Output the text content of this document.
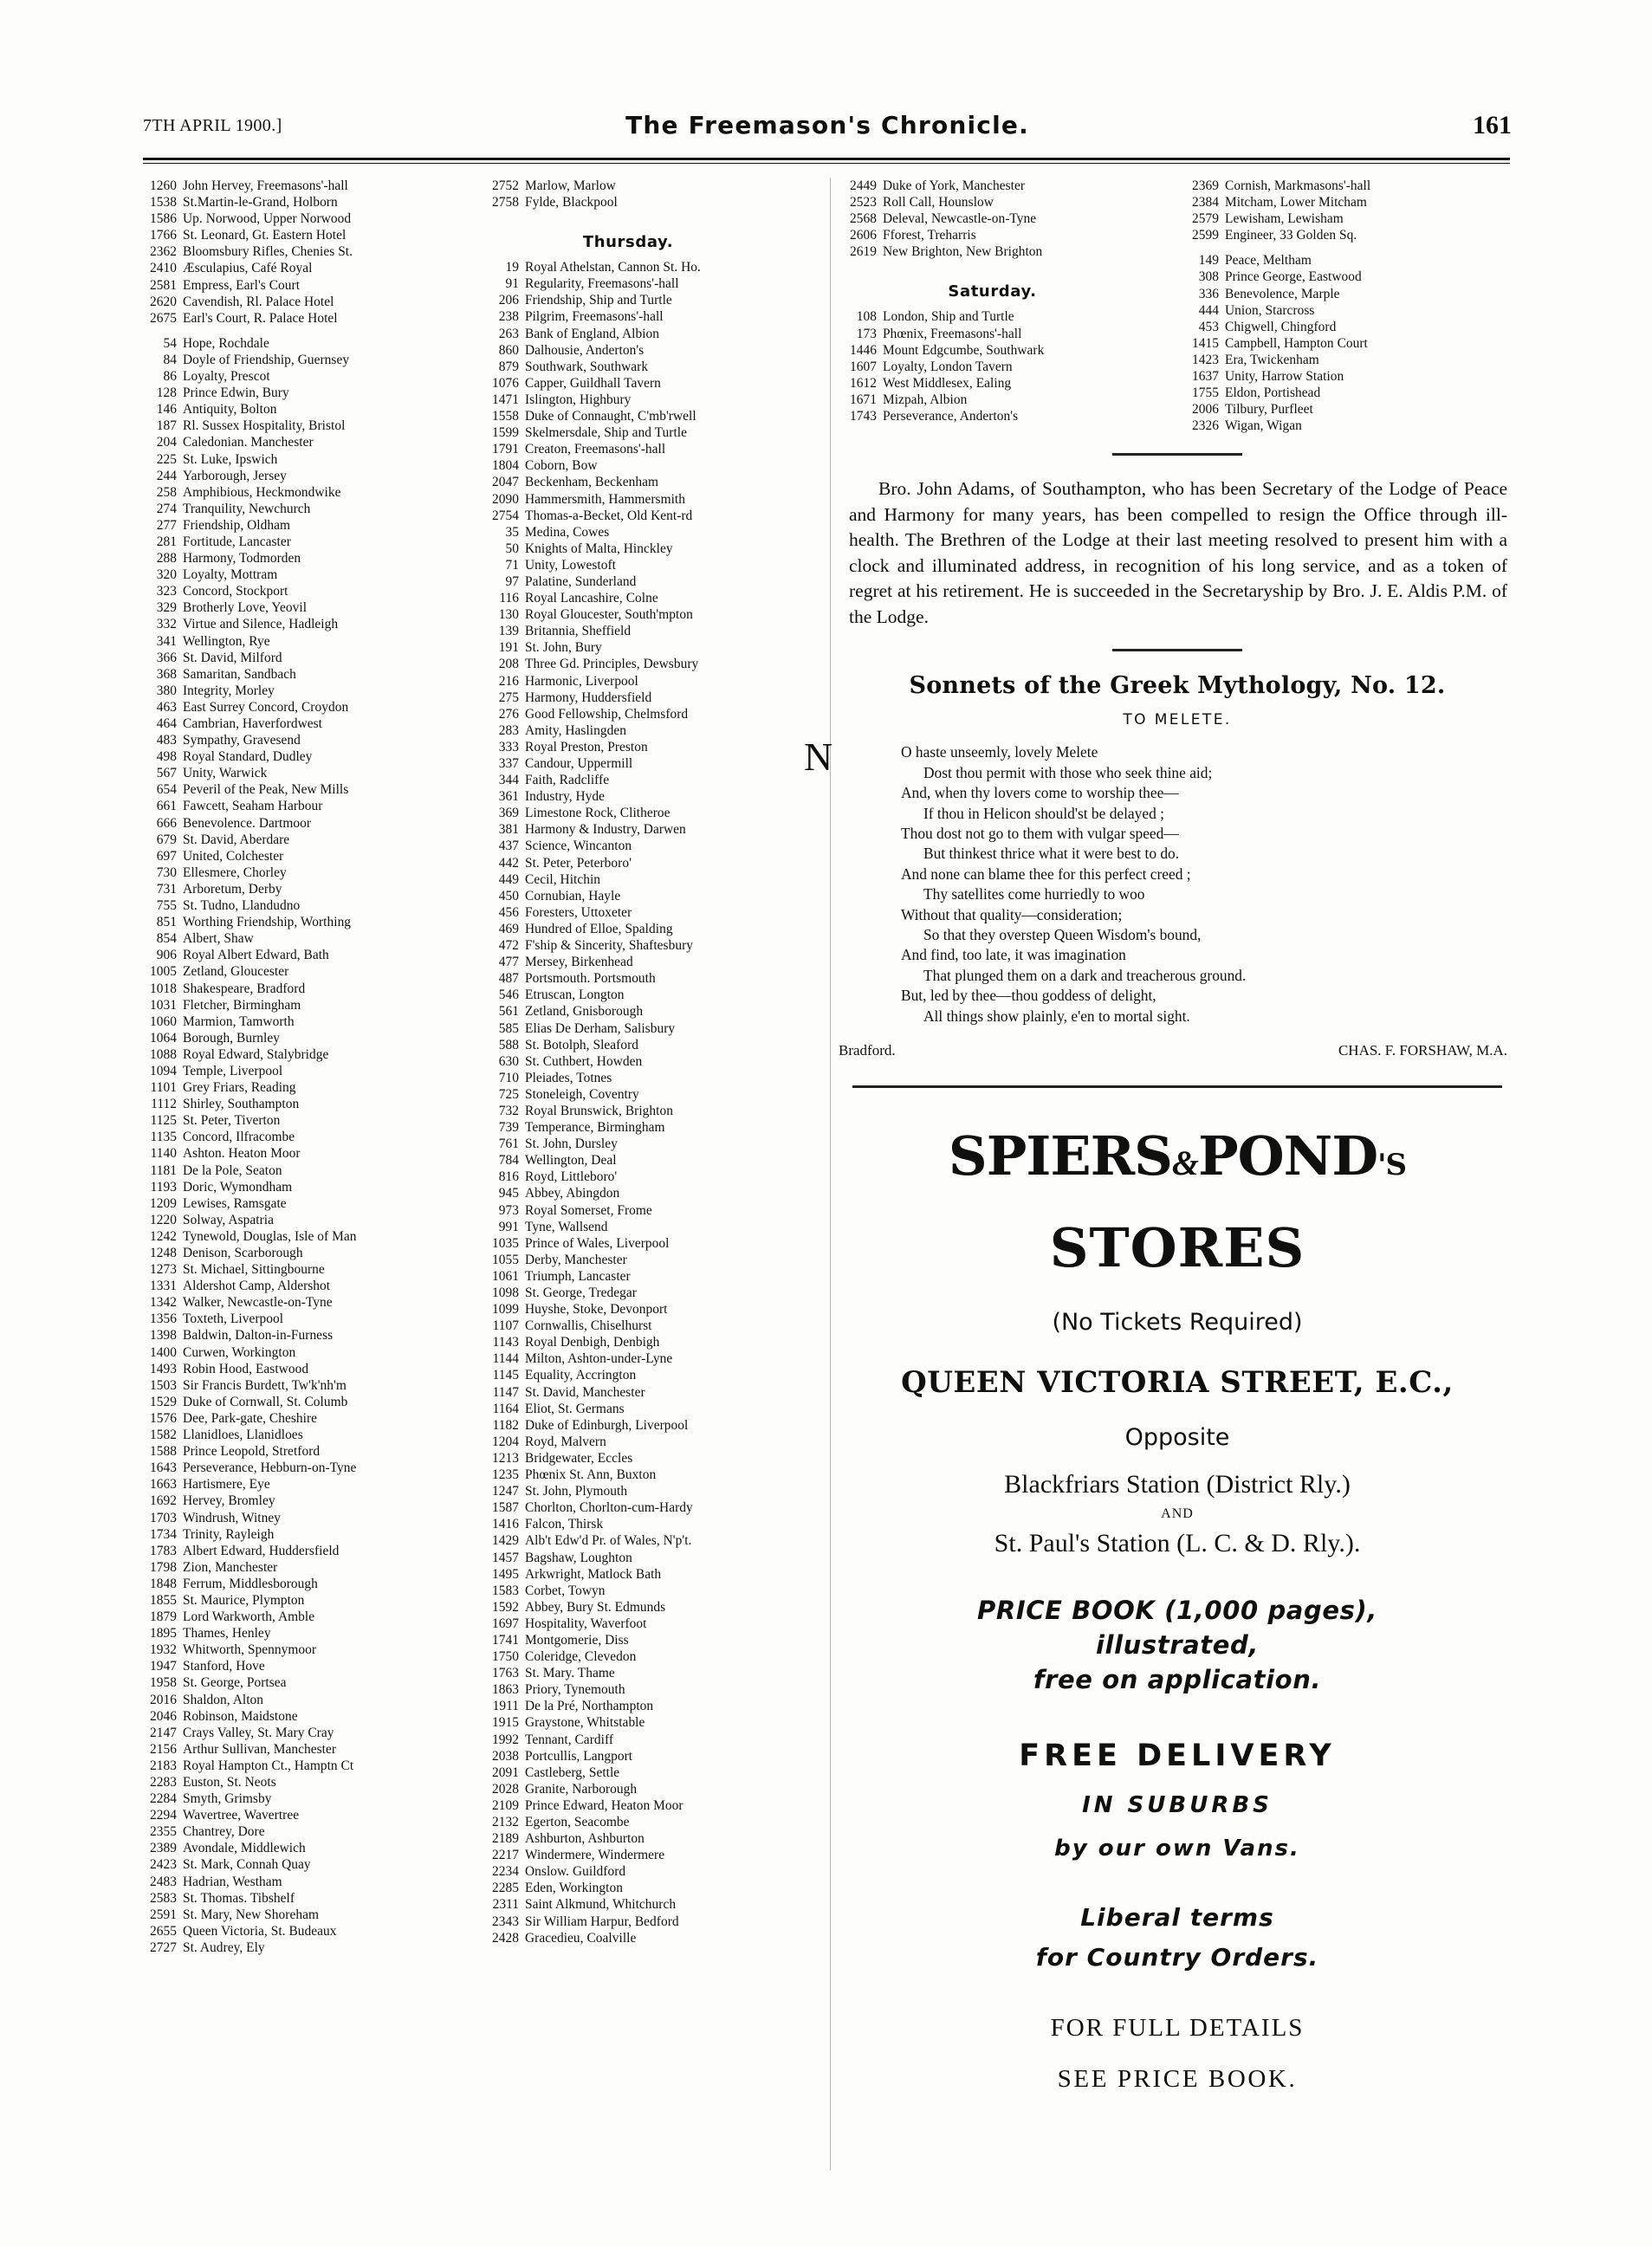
7TH APRIL 1900.]	The Freemason's Chronicle.	161
1260 John Hervey, Freemasons'-hall
1538 St.Martin-le-Grand, Holborn
1586 Up. Norwood, Upper Norwood
1766 St. Leonard, Gt. Eastern Hotel
2362 Bloomsbury Rifles, Chenies St.
2410 Æsculapius, Café Royal
2581 Empress, Earl's Court
2620 Cavendish, Rl. Palace Hotel
2675 Earl's Court, R. Palace Hotel
54 Hope, Rochdale
84 Doyle of Friendship, Guernsey
86 Loyalty, Prescot
128 Prince Edwin, Bury
146 Antiquity, Bolton
187 Rl. Sussex Hospitality, Bristol
204 Caledonian. Manchester
225 St. Luke, Ipswich
244 Yarborough, Jersey
258 Amphibious, Heckmondwike
274 Tranquility, Newchurch
277 Friendship, Oldham
281 Fortitude, Lancaster
288 Harmony, Todmorden
320 Loyalty, Mottram
323 Concord, Stockport
329 Brotherly Love, Yeovil
332 Virtue and Silence, Hadleigh
341 Wellington, Rye
366 St. David, Milford
368 Samaritan, Sandbach
380 Integrity, Morley
463 East Surrey Concord, Croydon
464 Cambrian, Haverfordwest
483 Sympathy, Gravesend
498 Royal Standard, Dudley
567 Unity, Warwick
654 Peveril of the Peak, New Mills
661 Fawcett, Seaham Harbour
666 Benevolence. Dartmoor
679 St. David, Aberdare
697 United, Colchester
730 Ellesmere, Chorley
731 Arboretum, Derby
755 St. Tudno, Llandudno
851 Worthing Friendship, Worthing
854 Albert, Shaw
906 Royal Albert Edward, Bath
1005 Zetland, Gloucester
1018 Shakespeare, Bradford
1031 Fletcher, Birmingham
1060 Marmion, Tamworth
1064 Borough, Burnley
1088 Royal Edward, Stalybridge
1094 Temple, Liverpool
1101 Grey Friars, Reading
1112 Shirley, Southampton
1125 St. Peter, Tiverton
1135 Concord, Ilfracombe
1140 Ashton. Heaton Moor
1181 De la Pole, Seaton
1193 Doric, Wymondham
1209 Lewises, Ramsgate
1220 Solway, Aspatria
1242 Tynewold, Douglas, Isle of Man
1248 Denison, Scarborough
1273 St. Michael, Sittingbourne
1331 Aldershot Camp, Aldershot
1342 Walker, Newcastle-on-Tyne
1356 Toxteth, Liverpool
1398 Baldwin, Dalton-in-Furness
1400 Curwen, Workington
1493 Robin Hood, Eastwood
1503 Sir Francis Burdett, Tw'k'nh'm
1529 Duke of Cornwall, St. Columb
1576 Dee, Park-gate, Cheshire
1582 Llanidloes, Llanidloes
1588 Prince Leopold, Stretford
1643 Perseverance, Hebburn-on-Tyne
1663 Hartismere, Eye
1692 Hervey, Bromley
1703 Windrush, Witney
1734 Trinity, Rayleigh
1783 Albert Edward, Huddersfield
1798 Zion, Manchester
1848 Ferrum, Middlesborough
1855 St. Maurice, Plympton
1879 Lord Warkworth, Amble
1895 Thames, Henley
1932 Whitworth, Spennymoor
1947 Stanford, Hove
1958 St. George, Portsea
2016 Shaldon, Alton
2046 Robinson, Maidstone
2147 Crays Valley, St. Mary Cray
2156 Arthur Sullivan, Manchester
2183 Royal Hampton Ct., Hamptn Ct
2283 Euston, St. Neots
2284 Smyth, Grimsby
2294 Wavertree, Wavertree
2355 Chantrey, Dore
2389 Avondale, Middlewich
2423 St. Mark, Connah Quay
2483 Hadrian, Westham
2583 St. Thomas. Tibshelf
2591 St. Mary, New Shoreham
2655 Queen Victoria, St. Budeaux
2727 St. Audrey, Ely
2752 Marlow, Marlow
2758 Fylde, Blackpool
Thursday.
19 Royal Athelstan, Cannon St. Ho.
91 Regularity, Freemasons'-hall
206 Friendship, Ship and Turtle
238 Pilgrim, Freemasons'-hall
263 Bank of England, Albion
860 Dalhousie, Anderton's
879 Southwark, Southwark
1076 Capper, Guildhall Tavern
1471 Islington, Highbury
1558 Duke of Connaught, C'mb'rwell
1599 Skelmersdale, Ship and Turtle
1791 Creaton, Freemasons'-hall
1804 Coborn, Bow
2047 Beckenham, Beckenham
2090 Hammersmith, Hammersmith
2754 Thomas-a-Becket, Old Kent-rd
35 Medina, Cowes
50 Knights of Malta, Hinckley
71 Unity, Lowestoft
97 Palatine, Sunderland
116 Royal Lancashire, Colne
130 Royal Gloucester, South'mpton
139 Britannia, Sheffield
191 St. John, Bury
208 Three Gd. Principles, Dewsbury
216 Harmonic, Liverpool
275 Harmony, Huddersfield
276 Good Fellowship, Chelmsford
283 Amity, Haslingden
333 Royal Preston, Preston
337 Candour, Uppermill
344 Faith, Radcliffe
361 Industry, Hyde
369 Limestone Rock, Clitheroe
381 Harmony & Industry, Darwen
437 Science, Wincanton
442 St. Peter, Peterboro'
449 Cecil, Hitchin
450 Cornubian, Hayle
456 Foresters, Uttoxeter
469 Hundred of Elloe, Spalding
472 F'ship & Sincerity, Shaftesbury
477 Mersey, Birkenhead
487 Portsmouth. Portsmouth
546 Etruscan, Longton
561 Zetland, Gnisborough
585 Elias De Derham, Salisbury
588 St. Botolph, Sleaford
630 St. Cuthbert, Howden
710 Pleiades, Totnes
725 Stoneleigh, Coventry
732 Royal Brunswick, Brighton
739 Temperance, Birmingham
761 St. John, Dursley
784 Wellington, Deal
816 Royd, Littleboro'
945 Abbey, Abingdon
973 Royal Somerset, Frome
991 Tyne, Wallsend
1035 Prince of Wales, Liverpool
1055 Derby, Manchester
1061 Triumph, Lancaster
1098 St. George, Tredegar
1099 Huyshe, Stoke, Devonport
1107 Cornwallis, Chiselhurst
1143 Royal Denbigh, Denbigh
1144 Milton, Ashton-under-Lyne
1145 Equality, Accrington
1147 St. David, Manchester
1164 Eliot, St. Germans
1182 Duke of Edinburgh, Liverpool
1204 Royd, Malvern
1213 Bridgewater, Eccles
1235 Phœnix St. Ann, Buxton
1247 St. John, Plymouth
1587 Chorlton, Chorlton-cum-Hardy
1416 Falcon, Thirsk
1429 Alb't Edw'd Pr. of Wales, N'p't.
1457 Bagshaw, Loughton
1495 Arkwright, Matlock Bath
1583 Corbet, Towyn
1592 Abbey, Bury St. Edmunds
1697 Hospitality, Waverfoot
1741 Montgomerie, Diss
1750 Coleridge, Clevedon
1763 St. Mary. Thame
1863 Priory, Tynemouth
1911 De la Pré, Northampton
1915 Graystone, Whitstable
1992 Tennant, Cardiff
2038 Portcullis, Langport
2091 Castleberg, Settle
2028 Granite, Narborough
2109 Prince Edward, Heaton Moor
2132 Egerton, Seacombe
2189 Ashburton, Ashburton
2217 Windermere, Windermere
2234 Onslow. Guildford
2285 Eden, Workington
2311 Saint Alkmund, Whitchurch
2343 Sir William Harpur, Bedford
2428 Gracedieu, Coalville
2449 Duke of York, Manchester
2523 Roll Call, Hounslow
2568 Deleval, Newcastle-on-Tyne
2606 Fforest, Treharris
2619 New Brighton, New Brighton
Saturday.
108 London, Ship and Turtle
173 Phœnix, Freemasons'-hall
1446 Mount Edgcumbe, Southwark
1607 Loyalty, London Tavern
1612 West Middlesex, Ealing
1671 Mizpah, Albion
1743 Perseverance, Anderton's
2369 Cornish, Markmasons'-hall
2384 Mitcham, Lower Mitcham
2579 Lewisham, Lewisham
2599 Engineer, 33 Golden Sq.
149 Peace, Meltham
308 Prince George, Eastwood
336 Benevolence, Marple
444 Union, Starcross
453 Chigwell, Chingford
1415 Campbell, Hampton Court
1423 Era, Twickenham
1637 Unity, Harrow Station
1755 Eldon, Portishead
2006 Tilbury, Purfleet
2326 Wigan, Wigan
Bro. John Adams, of Southampton, who has been Secretary of the Lodge of Peace and Harmony for many years, has been compelled to resign the Office through ill-health. The Brethren of the Lodge at their last meeting resolved to present him with a clock and illuminated address, in recognition of his long service, and as a token of regret at his retirement. He is succeeded in the Secretaryship by Bro. J. E. Aldis P.M. of the Lodge.
Sonnets of the Greek Mythology, No. 12.
TO MELETE.
N	O haste unseemly, lovely Melete
Dost thou permit with those who seek thine aid;
And, when thy lovers come to worship thee—
If thou in Helicon should'st be delayed ;
Thou dost not go to them with vulgar speed—
But thinkest thrice what it were best to do.
And none can blame thee for this perfect creed ;
Thy satellites come hurriedly to woo
Without that quality—consideration;
So that they overstep Queen Wisdom's bound,
And find, too late, it was imagination
That plunged them on a dark and treacherous ground.
But, led by thee—thou goddess of delight,
All things show plainly, e'en to mortal sight.
Bradford.	CHAS. F. FORSHAW, M.A.
SPIERS&POND'S
STORES
(No Tickets Required)
QUEEN VICTORIA STREET, E.C.,
Opposite
Blackfriars Station (District Rly.)
AND
St. Paul's Station (L. C. & D. Rly.).
PRICE BOOK (1,000 pages),
illustrated,
free on application.
FREE DELIVERY
IN SUBURBS
by our own Vans.
Liberal terms
for Country Orders.
FOR FULL DETAILS
SEE PRICE BOOK.
